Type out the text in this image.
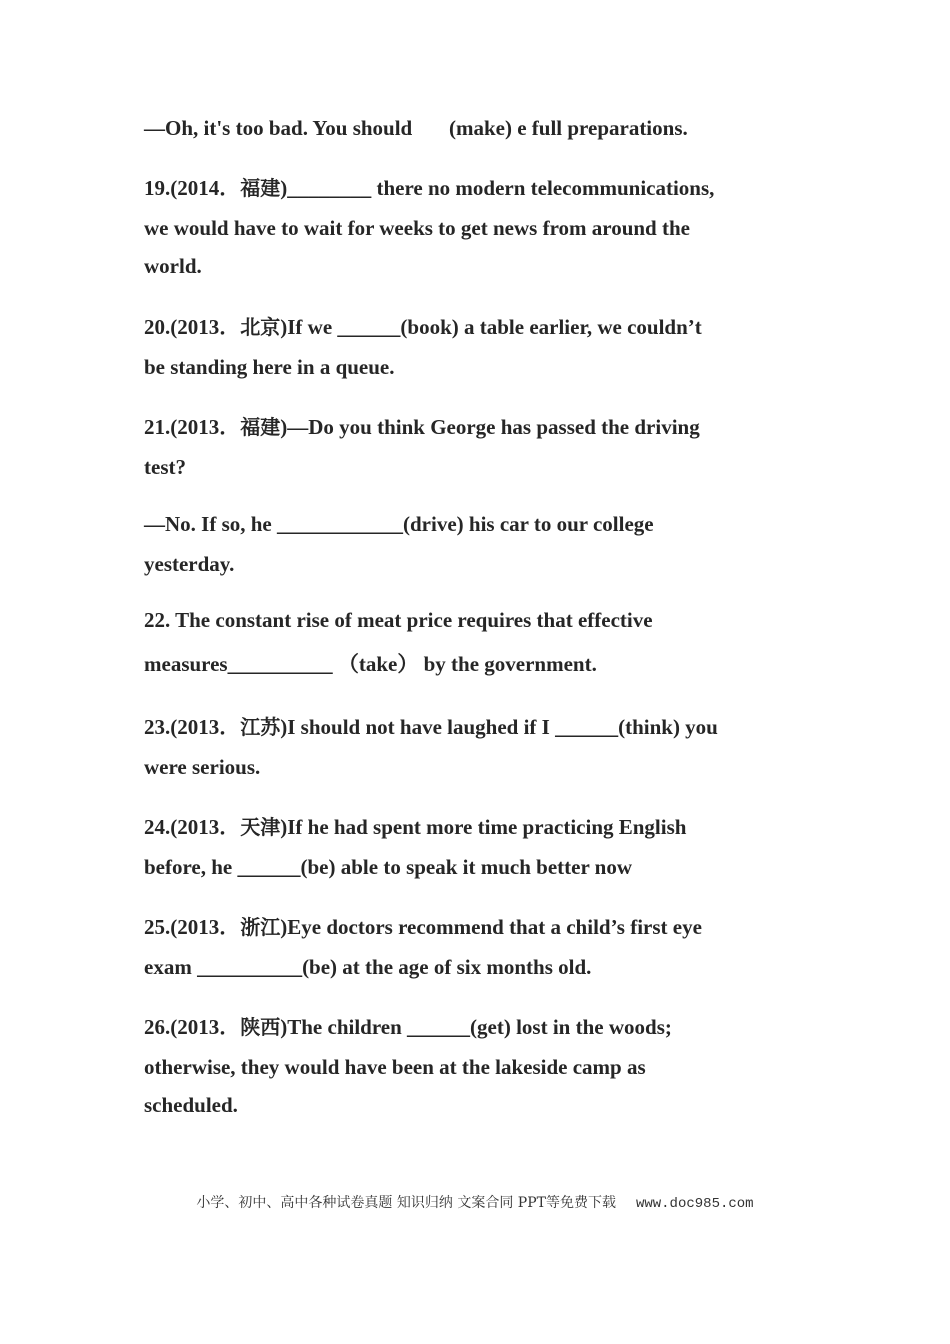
—Oh, it's too bad. You should       (make) e full preparations.
19.(2014．福建)________ there no modern telecommunications,
we would have to wait for weeks to get news from around the
world.
20.(2013．北京)If we ______(book) a table earlier, we couldn’t
be standing here in a queue.
21.(2013．福建)—Do you think George has passed the driving
test?
—No. If so, he ____________(drive) his car to our college
yesterday.
22. The constant rise of meat price requires that effective
measures__________ （take） by the government.
23.(2013．江苏)I should not have laughed if I ______(think) you
were serious.
24.(2013．天津)If he had spent more time practicing English
before, he ______(be) able to speak it much better now
25.(2013．浙江)Eye doctors recommend that a child’s first eye
exam __________(be) at the age of six months old.
26.(2013．陕西)The children ______(get) lost in the woods;
otherwise, they would have been at the lakeside camp as
scheduled.
小学、初中、高中各种试卷真题 知识归纳 文案合同 PPT等免费下载 www.doc985.com
